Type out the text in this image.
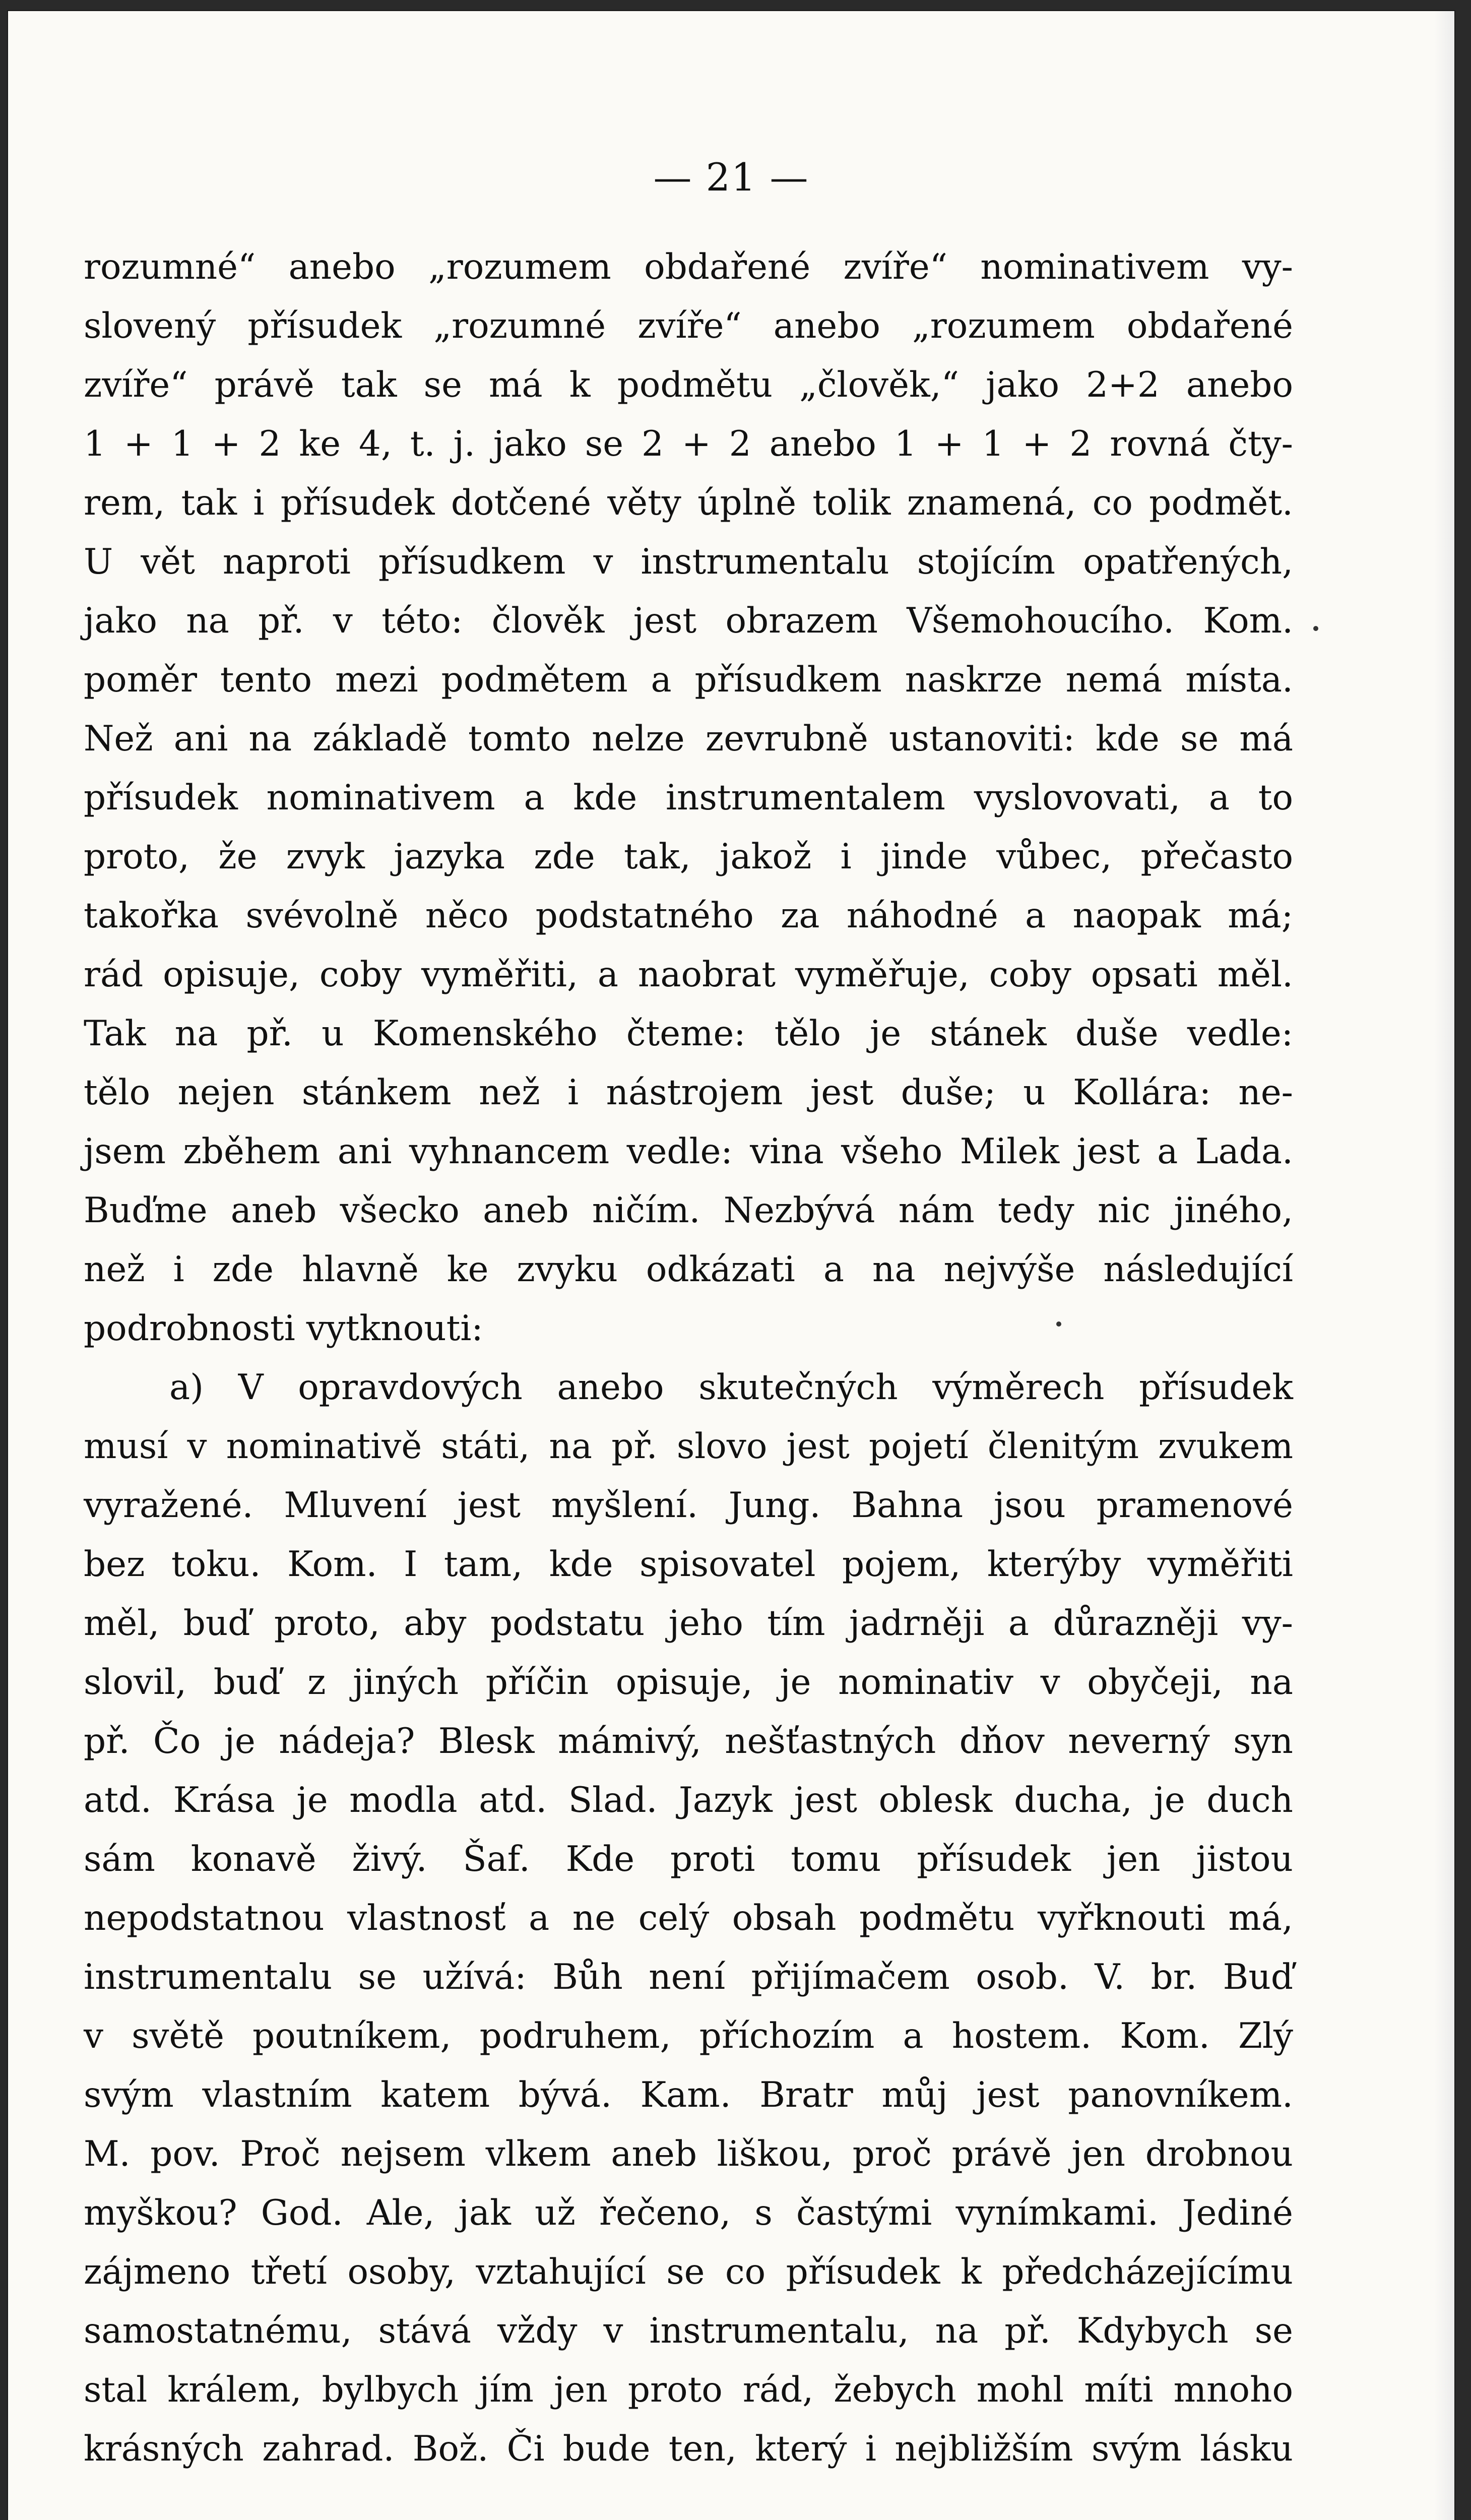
— 21 —
rozumné“ anebo „rozumem obdařené zvíře“ nominativem vy-
slovený přísudek „rozumné zvíře“ anebo „rozumem obdařené
zvíře“ právě tak se má k podmětu „člověk,“ jako 2+2 anebo
1 + 1 + 2 ke 4, t. j. jako se 2 + 2 anebo 1 + 1 + 2 rovná čty-
rem, tak i přísudek dotčené věty úplně tolik znamená, co podmět.
U vět naproti přísudkem v instrumentalu stojícím opatřených,
jako na př. v této: člověk jest obrazem Všemohoucího. Kom.
poměr tento mezi podmětem a přísudkem naskrze nemá místa.
Než ani na základě tomto nelze zevrubně ustanoviti: kde se má
přísudek nominativem a kde instrumentalem vyslovovati, a to
proto, že zvyk jazyka zde tak, jakož i jinde vůbec, přečasto
takořka svévolně něco podstatného za náhodné a naopak má;
rád opisuje, coby vyměřiti, a naobrat vyměřuje, coby opsati měl.
Tak na př. u Komenského čteme: tělo je stánek duše vedle:
tělo nejen stánkem než i nástrojem jest duše; u Kollára: ne-
jsem zběhem ani vyhnancem vedle: vina všeho Milek jest a Lada.
Buďme aneb všecko aneb ničím. Nezbývá nám tedy nic jiného,
než i zde hlavně ke zvyku odkázati a na nejvýše následující
podrobnosti vytknouti:
a) V opravdových anebo skutečných výměrech přísudek
musí v nominativě státi, na př. slovo jest pojetí členitým zvukem
vyražené. Mluvení jest myšlení. Jung. Bahna jsou pramenové
bez toku. Kom. I tam, kde spisovatel pojem, kterýby vyměřiti
měl, buď proto, aby podstatu jeho tím jadrněji a důrazněji vy-
slovil, buď z jiných příčin opisuje, je nominativ v obyčeji, na
př. Čo je nádeja? Blesk mámivý, nešťastných dňov neverný syn
atd. Krása je modla atd. Slad. Jazyk jest oblesk ducha, je duch
sám konavě živý. Šaf. Kde proti tomu přísudek jen jistou
nepodstatnou vlastnosť a ne celý obsah podmětu vyřknouti má,
instrumentalu se užívá: Bůh není přijímačem osob. V. br. Buď
v světě poutníkem, podruhem, příchozím a hostem. Kom. Zlý
svým vlastním katem bývá. Kam. Bratr můj jest panovníkem.
M. pov. Proč nejsem vlkem aneb liškou, proč právě jen drobnou
myškou? God. Ale, jak už řečeno, s častými vynímkami. Jediné
zájmeno třetí osoby, vztahující se co přísudek k předcházejícímu
samostatnému, stává vždy v instrumentalu, na př. Kdybych se
stal králem, bylbych jím jen proto rád, žebych mohl míti mnoho
krásných zahrad. Bož. Či bude ten, který i nejbližším svým lásku
